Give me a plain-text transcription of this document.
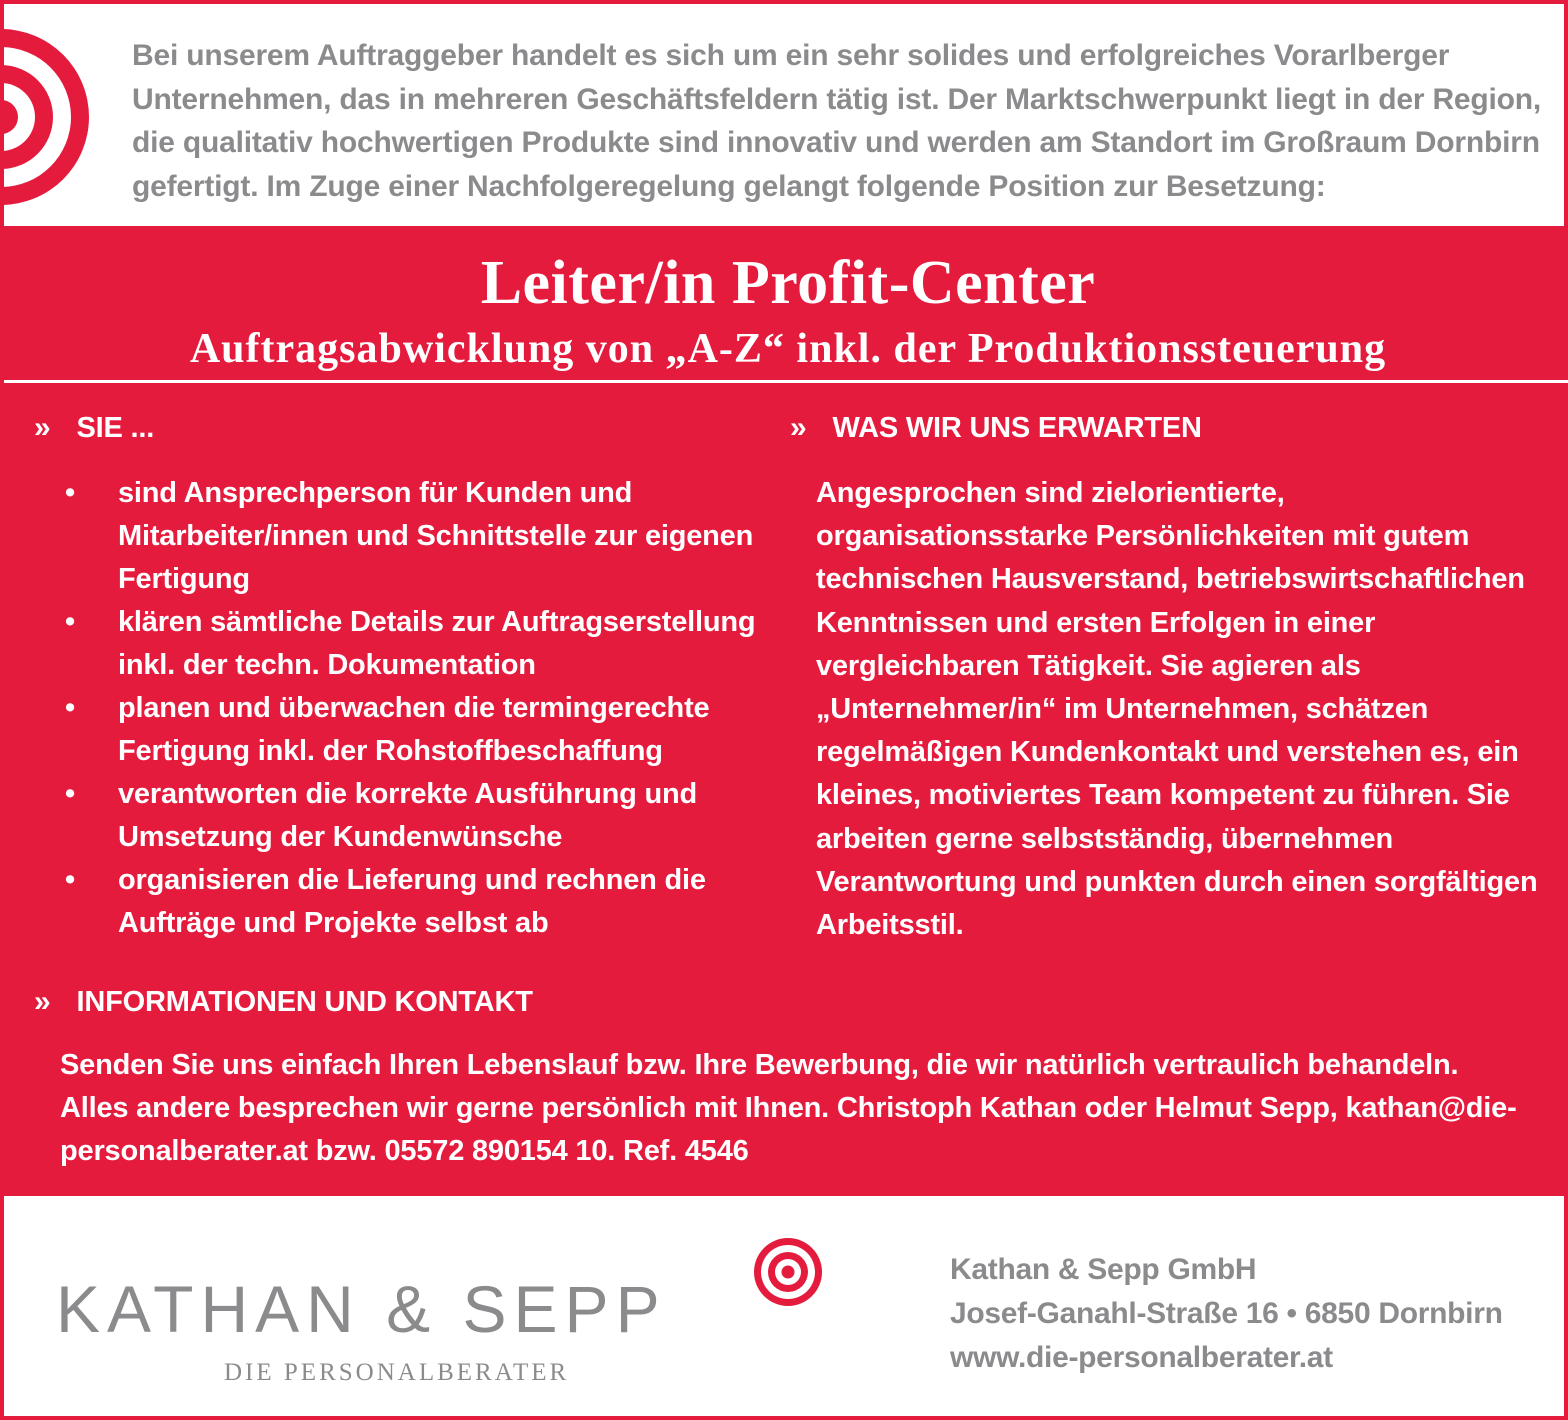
Bei unserem Auftraggeber handelt es sich um ein sehr solides und erfolgreiches Vorarlberger Unternehmen, das in mehreren Geschäftsfeldern tätig ist. Der Marktschwerpunkt liegt in der Region, die qualitativ hochwertigen Produkte sind innovativ und werden am Standort im Großraum Dornbirn gefertigt. Im Zuge einer Nachfolgeregelung gelangt folgende Position zur Besetzung:

Leiter/in Profit-Center
Auftragsabwicklung von „A-Z“ inkl. der Produktionssteuerung
» SIE ...	» WAS WIR UNS ERWARTEN
• sind Ansprechperson für Kunden und Mitarbeiter/innen und Schnittstelle zur eigenen Fertigung
• klären sämtliche Details zur Auftragserstellung inkl. der techn. Dokumentation
• planen und überwachen die termingerechte Fertigung inkl. der Rohstoffbeschaffung
• verantworten die korrekte Ausführung und Umsetzung der Kundenwünsche
• organisieren die Lieferung und rechnen die Aufträge und Projekte selbst ab

Angesprochen sind zielorientierte, organisationsstarke Persönlichkeiten mit gutem technischen Hausverstand, betriebswirtschaftlichen Kenntnissen und ersten Erfolgen in einer vergleichbaren Tätigkeit. Sie agieren als „Unternehmer/in“ im Unternehmen, schätzen regelmäßigen Kundenkontakt und verstehen es, ein kleines, motiviertes Team kompetent zu führen. Sie arbeiten gerne selbstständig, übernehmen Verantwortung und punkten durch einen sorgfältigen Arbeitsstil.

» INFORMATIONEN UND KONTAKT

Senden Sie uns einfach Ihren Lebenslauf bzw. Ihre Bewerbung, die wir natürlich vertraulich behandeln. Alles andere besprechen wir gerne persönlich mit Ihnen. Christoph Kathan oder Helmut Sepp, kathan@die-personalberater.at bzw. 05572 890154 10. Ref. 4546

KATHAN & SEPP
DIE PERSONALBERATER
Kathan & Sepp GmbH
Josef-Ganahl-Straße 16 • 6850 Dornbirn
www.die-personalberater.at
